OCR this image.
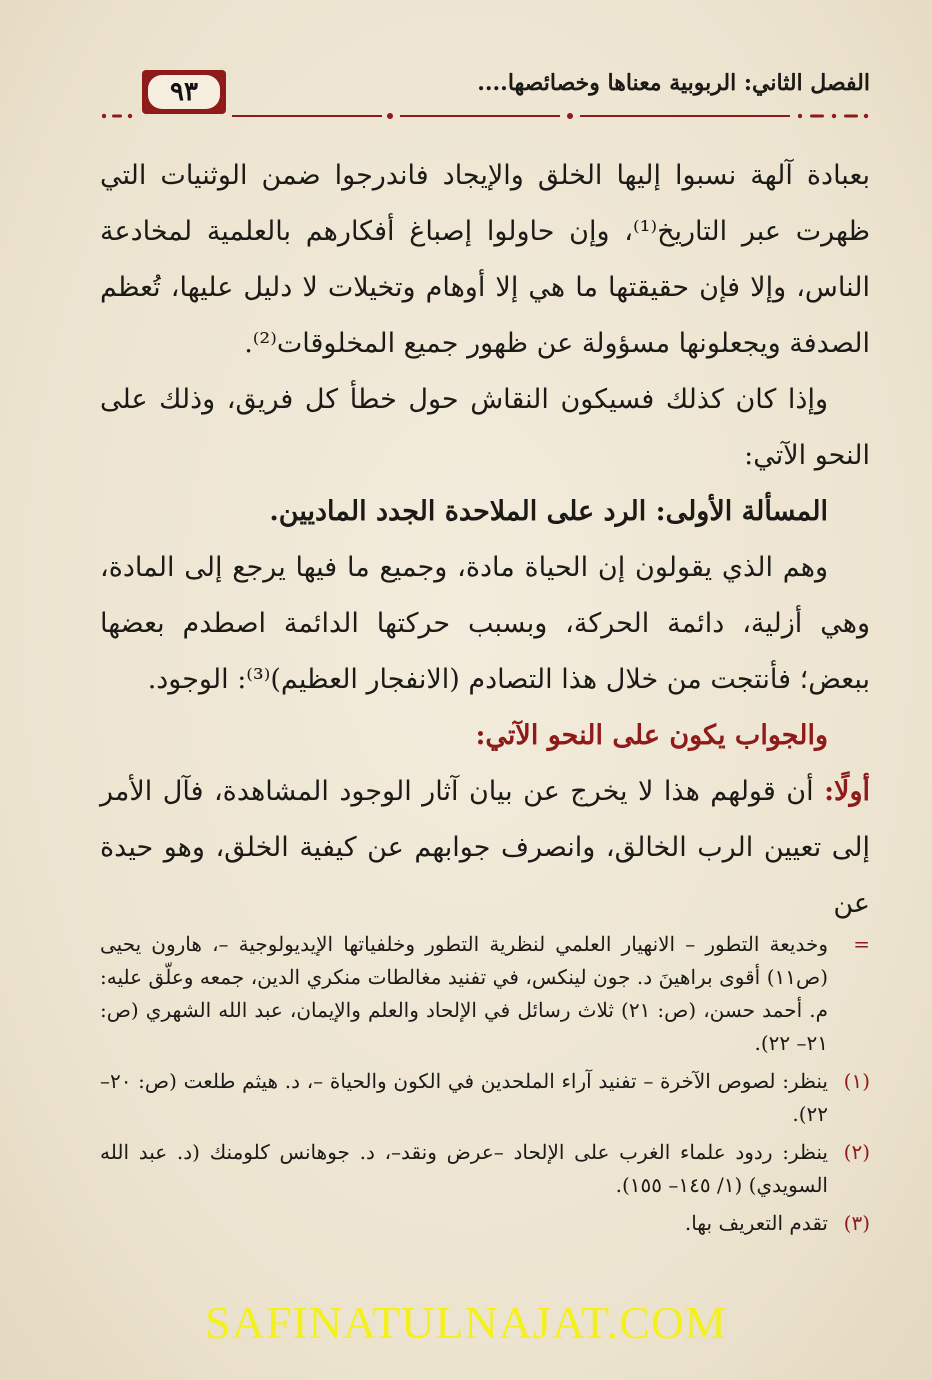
الفصل الثاني: الربوبية معناها وخصائصها....
٩٣

بعبادة آلهة نسبوا إليها الخلق والإيجاد فاندرجوا ضمن الوثنيات التي ظهرت عبر التاريخ⁽¹⁾، وإن حاولوا إصباغ أفكارهم بالعلمية لمخادعة الناس، وإلا فإن حقيقتها ما هي إلا أوهام وتخيلات لا دليل عليها، تُعظم الصدفة ويجعلونها مسؤولة عن ظهور جميع المخلوقات⁽²⁾.

وإذا كان كذلك فسيكون النقاش حول خطأ كل فريق، وذلك على النحو الآتي:

المسألة الأولى: الرد على الملاحدة الجدد الماديين.

وهم الذي يقولون إن الحياة مادة، وجميع ما فيها يرجع إلى المادة، وهي أزلية، دائمة الحركة، وبسبب حركتها الدائمة اصطدم بعضها ببعض؛ فأنتجت من خلال هذا التصادم (الانفجار العظيم)⁽³⁾: الوجود.

والجواب يكون على النحو الآتي:

أولًا: أن قولهم هذا لا يخرج عن بيان آثار الوجود المشاهدة، فآل الأمر إلى تعيين الرب الخالق، وانصرف جوابهم عن كيفية الخلق، وهو حيدة عن

=
وخديعة التطور – الانهيار العلمي لنظرية التطور وخلفياتها الإيديولوجية –، هارون يحيى (ص١١) أقوى براهينَ د. جون لينكس، في تفنيد مغالطات منكري الدين، جمعه وعلّق عليه: م. أحمد حسن، (ص: ٢١) ثلاث رسائل في الإلحاد والعلم والإيمان، عبد الله الشهري (ص: ٢١– ٢٢).
(١)
ينظر: لصوص الآخرة – تفنيد آراء الملحدين في الكون والحياة –، د. هيثم طلعت (ص: ٢٠– ٢٢).
(٢)
ينظر: ردود علماء الغرب على الإلحاد –عرض ونقد–، د. جوهانس كلومنك (د. عبد الله السويدي) (١/ ١٤٥– ١٥٥).
(٣)
تقدم التعريف بها.
SAFINATULNAJAT.COM
